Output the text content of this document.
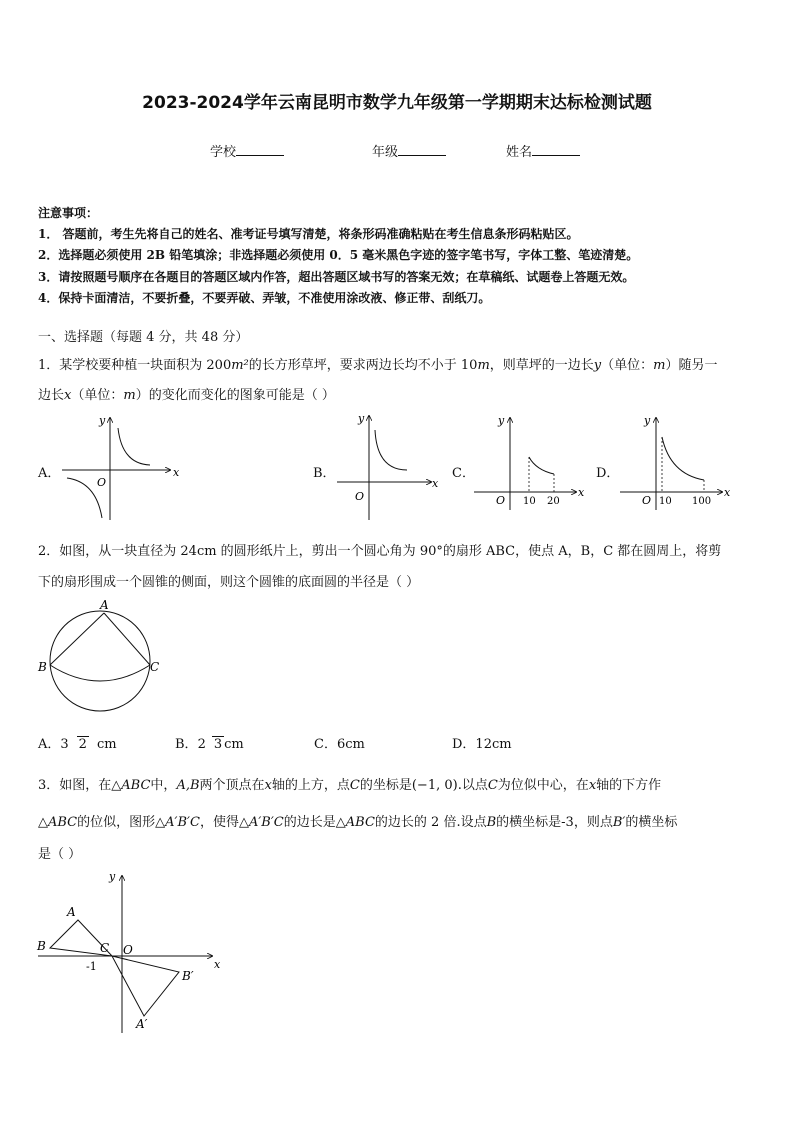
2023-2024学年云南昆明市数学九年级第一学期期末达标检测试题
学校	年级	姓名
注意事项：
1． 答题前，考生先将自己的姓名、准考证号填写清楚，将条形码准确粘贴在考生信息条形码粘贴区。
2．选择题必须使用 2B 铅笔填涂；非选择题必须使用 0．5 毫米黑色字迹的签字笔书写，字体工整、笔迹清楚。
3．请按照题号顺序在各题目的答题区域内作答，超出答题区域书写的答案无效；在草稿纸、试题卷上答题无效。
4．保持卡面清洁，不要折叠，不要弄破、弄皱，不准使用涂改液、修正带、刮纸刀。
一、选择题（每题 4 分，共 48 分）
1．某学校要种植一块面积为 200m²的长方形草坪，要求两边长均不小于 10m，则草坪的一边长y（单位：m）随另一
边长x（单位：m）的变化而变化的图象可能是（ ）
A．	B．	C．	D．
x
y
O	x
y
O	x
y
O 10 20
x
y
O 10 100
2．如图，从一块直径为 24cm 的圆形纸片上，剪出一个圆心角为 90°的扇形 ABC，使点 A，B，C 都在圆周上，将剪
下的扇形围成一个圆锥的侧面，则这个圆锥的底面圆的半径是（ ）
A
B	C
A．3 2 cm	B．2 3 cm	C．6cm	D．12cm
3．如图，在△ABC中，A,B两个顶点在x轴的上方，点C的坐标是(−1, 0).以点C为位似中心，在x轴的下方作
△ABC的位似，图形△A′B′C，使得△A′B′C的边长是△ABC的边长的 2 倍.设点B的横坐标是-3，则点B′的横坐标
是（ ）
A
B	C O
-1	x
y
B′
A′
